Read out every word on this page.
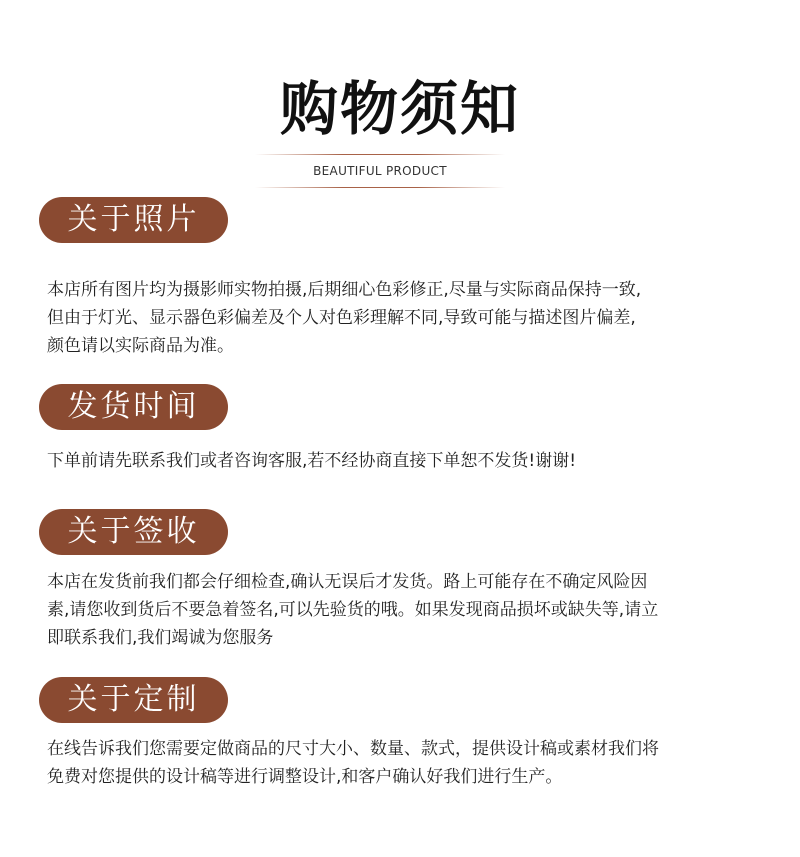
购物须知
BEAUTIFUL PRODUCT
关于照片

本店所有图片均为摄影师实物拍摄,后期细心色彩修正,尽量与实际商品保持一致,

但由于灯光、显示器色彩偏差及个人对色彩理解不同,导致可能与描述图片偏差,

颜色请以实际商品为准。

发货时间

下单前请先联系我们或者咨询客服,若不经协商直接下单恕不发货!谢谢!

关于签收

本店在发货前我们都会仔细检查,确认无误后才发货。路上可能存在不确定风险因

素,请您收到货后不要急着签名,可以先验货的哦。如果发现商品损坏或缺失等,请立

即联系我们,我们竭诚为您服务

关于定制

在线告诉我们您需要定做商品的尺寸大小、数量、款式，提供设计稿或素材我们将

免费对您提供的设计稿等进行调整设计,和客户确认好我们进行生产。
